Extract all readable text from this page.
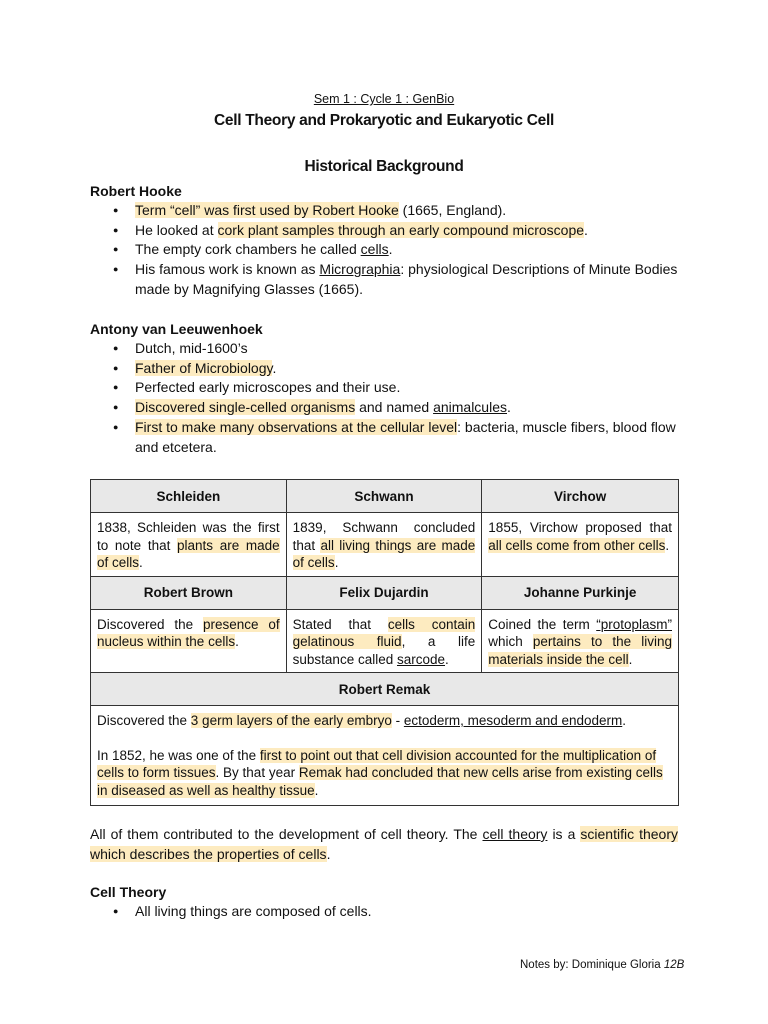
Sem 1 : Cycle 1 : GenBio
Cell Theory and Prokaryotic and Eukaryotic Cell
Historical Background
Robert Hooke
● Term “cell” was first used by Robert Hooke (1665, England).
● He looked at cork plant samples through an early compound microscope.
● The empty cork chambers he called cells.
● His famous work is known as Micrographia: physiological Descriptions of Minute Bodies made by Magnifying Glasses (1665).
Antony van Leeuwenhoek
● Dutch, mid-1600’s
● Father of Microbiology.
● Perfected early microscopes and their use.
● Discovered single-celled organisms and named animalcules.
● First to make many observations at the cellular level: bacteria, muscle fibers, blood flow and etcetera.
Schleiden	Schwann	Virchow
1838, Schleiden was the first to note that plants are made of cells.	1839, Schwann concluded that all living things are made of cells.	1855, Virchow proposed that all cells come from other cells.
Robert Brown	Felix Dujardin	Johanne Purkinje
Discovered the presence of nucleus within the cells.	Stated that cells contain gelatinous fluid, a life substance called sarcode.	Coined the term “protoplasm” which pertains to the living materials inside the cell.
Robert Remak		

Discovered the 3 germ layers of the early embryo - ectoderm, mesoderm and endoderm.
In 1852, he was one of the first to point out that cell division accounted for the multiplication of cells to form tissues. By that year Remak had concluded that new cells arise from existing cells in diseased as well as healthy tissue.		
All of them contributed to the development of cell theory. The cell theory is a scientific theory which describes the properties of cells.
Cell Theory
● All living things are composed of cells.
Notes by: Dominique Gloria 12B
